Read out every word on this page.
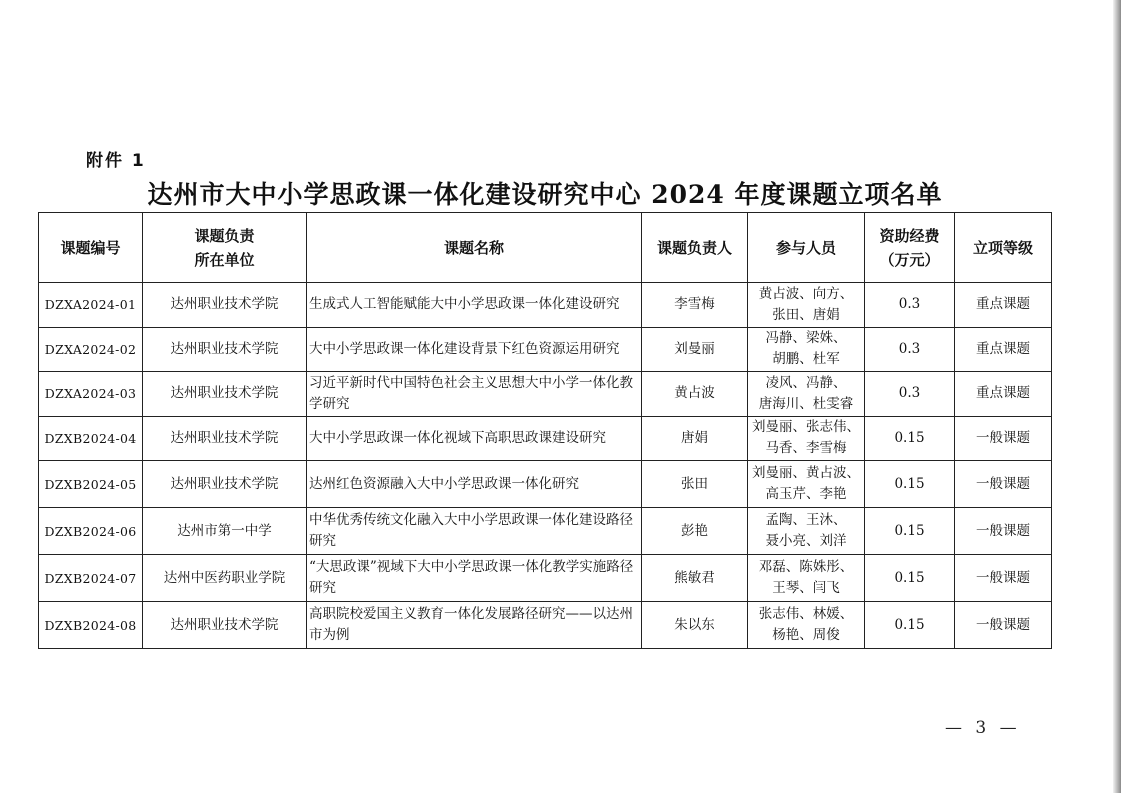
附件 1
达州市大中小学思政课一体化建设研究中心 2024 年度课题立项名单
课题编号	课题负责
所在单位	课题名称	课题负责人	参与人员	资助经费
（万元）	立项等级
DZXA2024-01	达州职业技术学院	生成式人工智能赋能大中小学思政课一体化建设研究	李雪梅	黄占波、向方、
张田、唐娟	0.3	重点课题
DZXA2024-02	达州职业技术学院	大中小学思政课一体化建设背景下红色资源运用研究	刘曼丽	冯静、梁姝、
胡鹏、杜军	0.3	重点课题
DZXA2024-03	达州职业技术学院	习近平新时代中国特色社会主义思想大中小学一体化教学研究	黄占波	凌风、冯静、
唐海川、杜雯睿	0.3	重点课题
DZXB2024-04	达州职业技术学院	大中小学思政课一体化视域下高职思政课建设研究	唐娟	刘曼丽、张志伟、
马香、李雪梅	0.15	一般课题
DZXB2024-05	达州职业技术学院	达州红色资源融入大中小学思政课一体化研究	张田	刘曼丽、黄占波、
高玉芹、李艳	0.15	一般课题
DZXB2024-06	达州市第一中学	中华优秀传统文化融入大中小学思政课一体化建设路径研究	彭艳	孟陶、王沐、
聂小亮、刘洋	0.15	一般课题
DZXB2024-07	达州中医药职业学院	“大思政课”视域下大中小学思政课一体化教学实施路径研究	熊敏君	邓磊、陈姝彤、
王琴、闫飞	0.15	一般课题
DZXB2024-08	达州职业技术学院	高职院校爱国主义教育一体化发展路径研究——以达州市为例	朱以东	张志伟、林媛、
杨艳、周俊	0.15	一般课题
— 3 —
